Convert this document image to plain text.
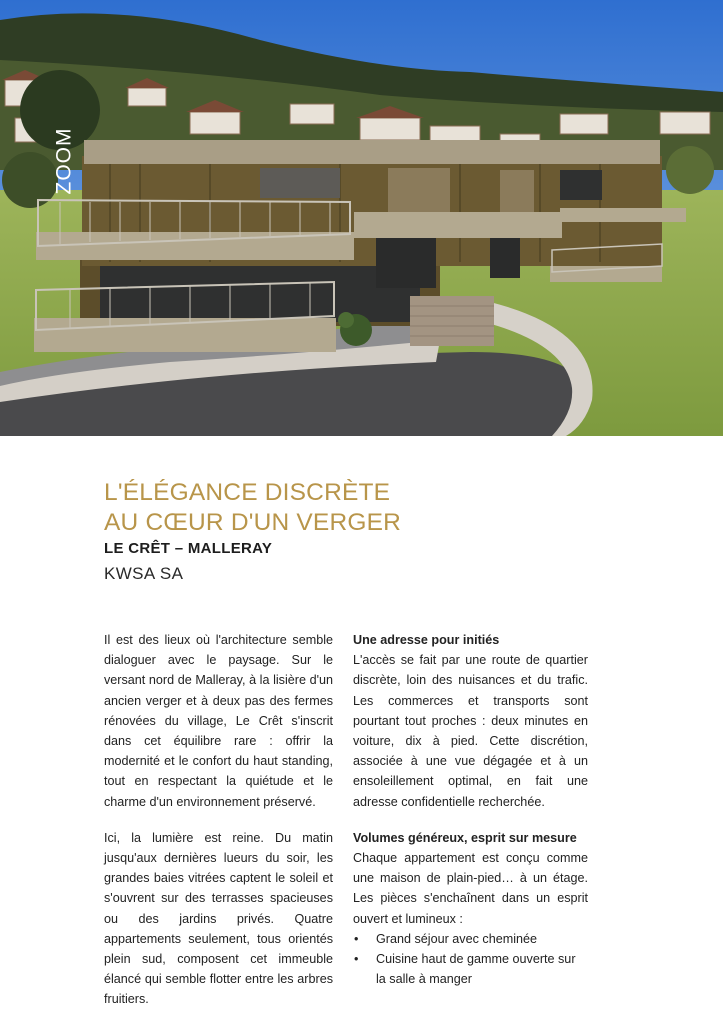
ZOOM
L'ÉLÉGANCE DISCRÈTE
AU CŒUR D'UN VERGER
LE CRÊT – MALLERAY
KWSA SA

Il est des lieux où l'architecture semble dialoguer avec le paysage. Sur le versant nord de Malleray, à la lisière d'un ancien verger et à deux pas des fermes rénovées du village, Le Crêt s'inscrit dans cet équilibre rare : offrir la modernité et le confort du haut standing, tout en respectant la quiétude et le charme d'un environnement préservé.

Ici, la lumière est reine. Du matin jusqu'aux dernières lueurs du soir, les grandes baies vitrées captent le soleil et s'ouvrent sur des terrasses spacieuses ou des jardins privés. Quatre appartements seulement, tous orientés plein sud, composent cet immeuble élancé qui semble flotter entre les arbres fruitiers.

Une adresse pour initiés

L'accès se fait par une route de quartier discrète, loin des nuisances et du trafic. Les commerces et transports sont pourtant tout proches : deux minutes en voiture, dix à pied. Cette discrétion, associée à une vue dégagée et à un ensoleillement optimal, en fait une adresse confidentielle recherchée.

Volumes généreux, esprit sur mesure

Chaque appartement est conçu comme une maison de plain-pied… à un étage. Les pièces s'enchaînent dans un esprit ouvert et lumineux :

• Grand séjour avec cheminée
• Cuisine haut de gamme ouverte sur la salle à manger
